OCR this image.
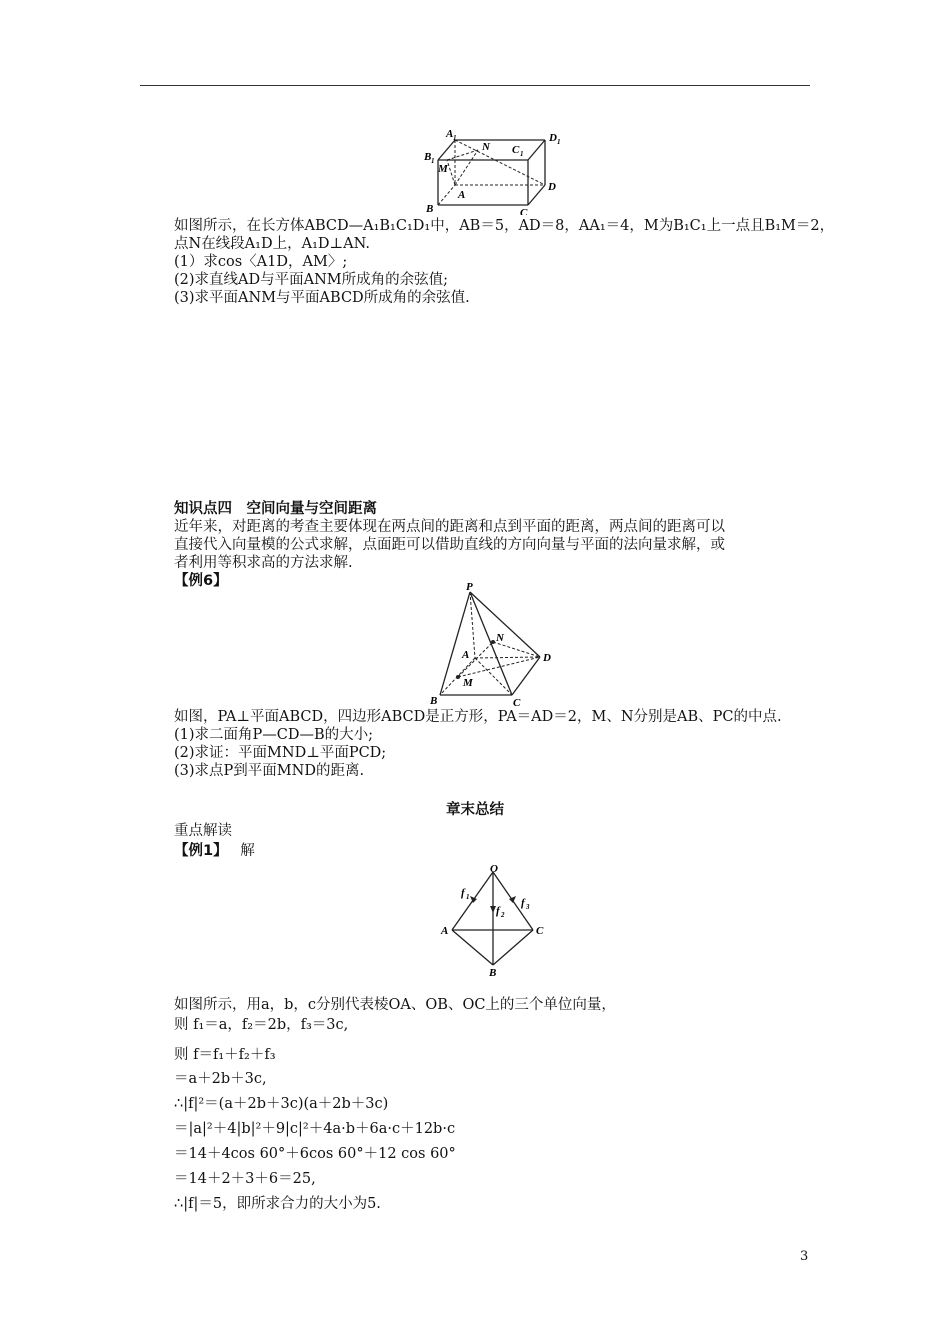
A 1
B 1
N C 1
D 1
M
A
B	C
D
如图所示，在长方体ABCD—A₁B₁C₁D₁中，AB＝5，AD＝8，AA₁＝4，M为B₁C₁上一点且B₁M＝2，
点N在线段A₁D上，A₁D⊥AN.
(1）求cos〈A1D，AM〉;
(2)求直线AD与平面ANM所成角的余弦值;
(3)求平面ANM与平面ABCD所成角的余弦值.
知识点四　空间向量与空间距离
近年来，对距离的考查主要体现在两点间的距离和点到平面的距离，两点间的距离可以
直接代入向量模的公式求解，点面距可以借助直线的方向向量与平面的法向量求解，或
者利用等积求高的方法求解.
【例6】	P
N
A	D
M
B	C
如图，PA⊥平面ABCD，四边形ABCD是正方形，PA＝AD＝2，M、N分别是AB、PC的中点.
(1)求二面角P—CD—B的大小;
(2)求证：平面MND⊥平面PCD;
(3)求点P到平面MND的距离.
章末总结
重点解读
【例1】 解
O
A	C
B
f 1
f 2
f 3
如图所示，用a，b，c分别代表棱OA、OB、OC上的三个单位向量，
则 f₁＝a，f₂＝2b，f₃＝3c,
则 f＝f₁＋f₂＋f₃
＝a＋2b＋3c,
∴|f|²＝(a＋2b＋3c)(a＋2b＋3c)
＝|a|²＋4|b|²＋9|c|²＋4a·b＋6a·c＋12b·c
＝14＋4cos 60°＋6cos 60°＋12 cos 60°
＝14＋2＋3＋6＝25,
∴|f|＝5，即所求合力的大小为5.
3
